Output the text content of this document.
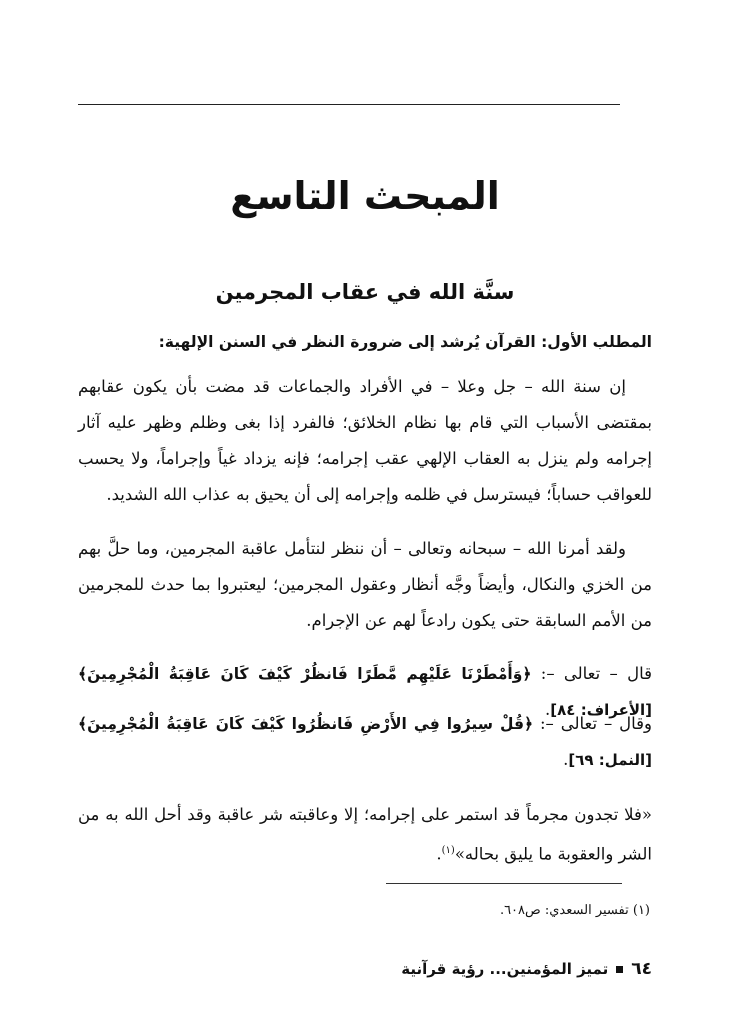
المبحث التاسع
سنَّة الله في عقاب المجرمين
المطلب الأول: القرآن يُرشد إلى ضرورة النظر في السنن الإلهية:

إن سنة الله – جل وعلا – في الأفراد والجماعات قد مضت بأن يكون عقابهم بمقتضى الأسباب التي قام بها نظام الخلائق؛ فالفرد إذا بغى وظلم وظهر عليه آثار إجرامه ولم ينزل به العقاب الإلهي عقب إجرامه؛ فإنه يزداد غياً وإجراماً، ولا يحسب للعواقب حساباً؛ فيسترسل في ظلمه وإجرامه إلى أن يحيق به عذاب الله الشديد.

ولقد أمرنا الله – سبحانه وتعالى – أن ننظر لنتأمل عاقبة المجرمين، وما حلَّ بهم من الخزي والنكال، وأيضاً وجَّه أنظار وعقول المجرمين؛ ليعتبروا بما حدث للمجرمين من الأمم السابقة حتى يكون رادعاً لهم عن الإجرام.

قال – تعالى –: ﴿وَأَمْطَرْنَا عَلَيْهِم مَّطَرًا فَانظُرْ كَيْفَ كَانَ عَاقِبَةُ الْمُجْرِمِينَ﴾ [الأعراف: ٨٤].

وقال – تعالى –: ﴿قُلْ سِيرُوا فِي الأَرْضِ فَانظُرُوا كَيْفَ كَانَ عَاقِبَةُ الْمُجْرِمِينَ﴾ [النمل: ٦٩].

«فلا تجدون مجرماً قد استمر على إجرامه؛ إلا وعاقبته شر عاقبة وقد أحل الله به من الشر والعقوبة ما يليق بحاله»$^{(١)}$.

(١) تفسير السعدي: ص٦٠٨.
٦٤
تميز المؤمنين... رؤية قرآنية
